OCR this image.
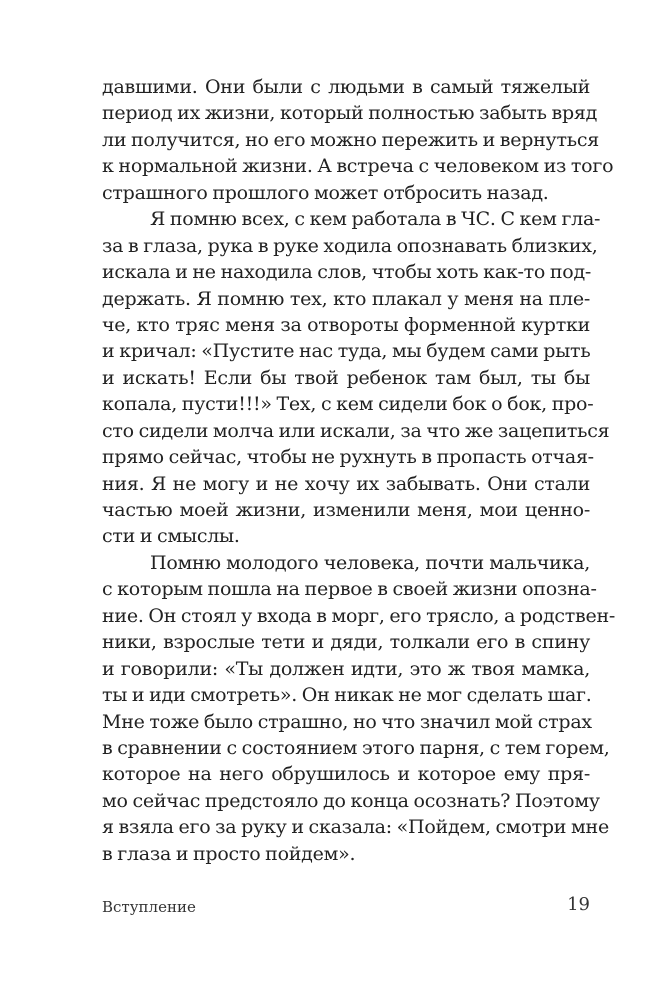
давшими. Они были с людьми в самый тяжелый
период их жизни, который полностью забыть вряд
ли получится, но его можно пережить и вернуться
к нормальной жизни. А встреча с человеком из того
страшного прошлого может отбросить назад.
Я помню всех, с кем работала в ЧС. С кем гла-
за в глаза, рука в руке ходила опознавать близких,
искала и не находила слов, чтобы хоть как-то под-
держать. Я помню тех, кто плакал у меня на пле-
че, кто тряс меня за отвороты форменной куртки
и кричал: «Пустите нас туда, мы будем сами рыть
и искать! Если бы твой ребенок там был, ты бы
копала, пусти!!!» Тех, с кем сидели бок о бок, про-
сто сидели молча или искали, за что же зацепиться
прямо сейчас, чтобы не рухнуть в пропасть отчая-
ния. Я не могу и не хочу их забывать. Они стали
частью моей жизни, изменили меня, мои ценно-
сти и смыслы.
Помню молодого человека, почти мальчика,
с которым пошла на первое в своей жизни опозна-
ние. Он стоял у входа в морг, его трясло, а родствен-
ники, взрослые тети и дяди, толкали его в спину
и говорили: «Ты должен идти, это ж твоя мамка,
ты и иди смотреть». Он никак не мог сделать шаг.
Мне тоже было страшно, но что значил мой страх
в сравнении с состоянием этого парня, с тем горем,
которое на него обрушилось и которое ему пря-
мо сейчас предстояло до конца осознать? Поэтому
я взяла его за руку и сказала: «Пойдем, смотри мне
в глаза и просто пойдем».
Вступление	19
